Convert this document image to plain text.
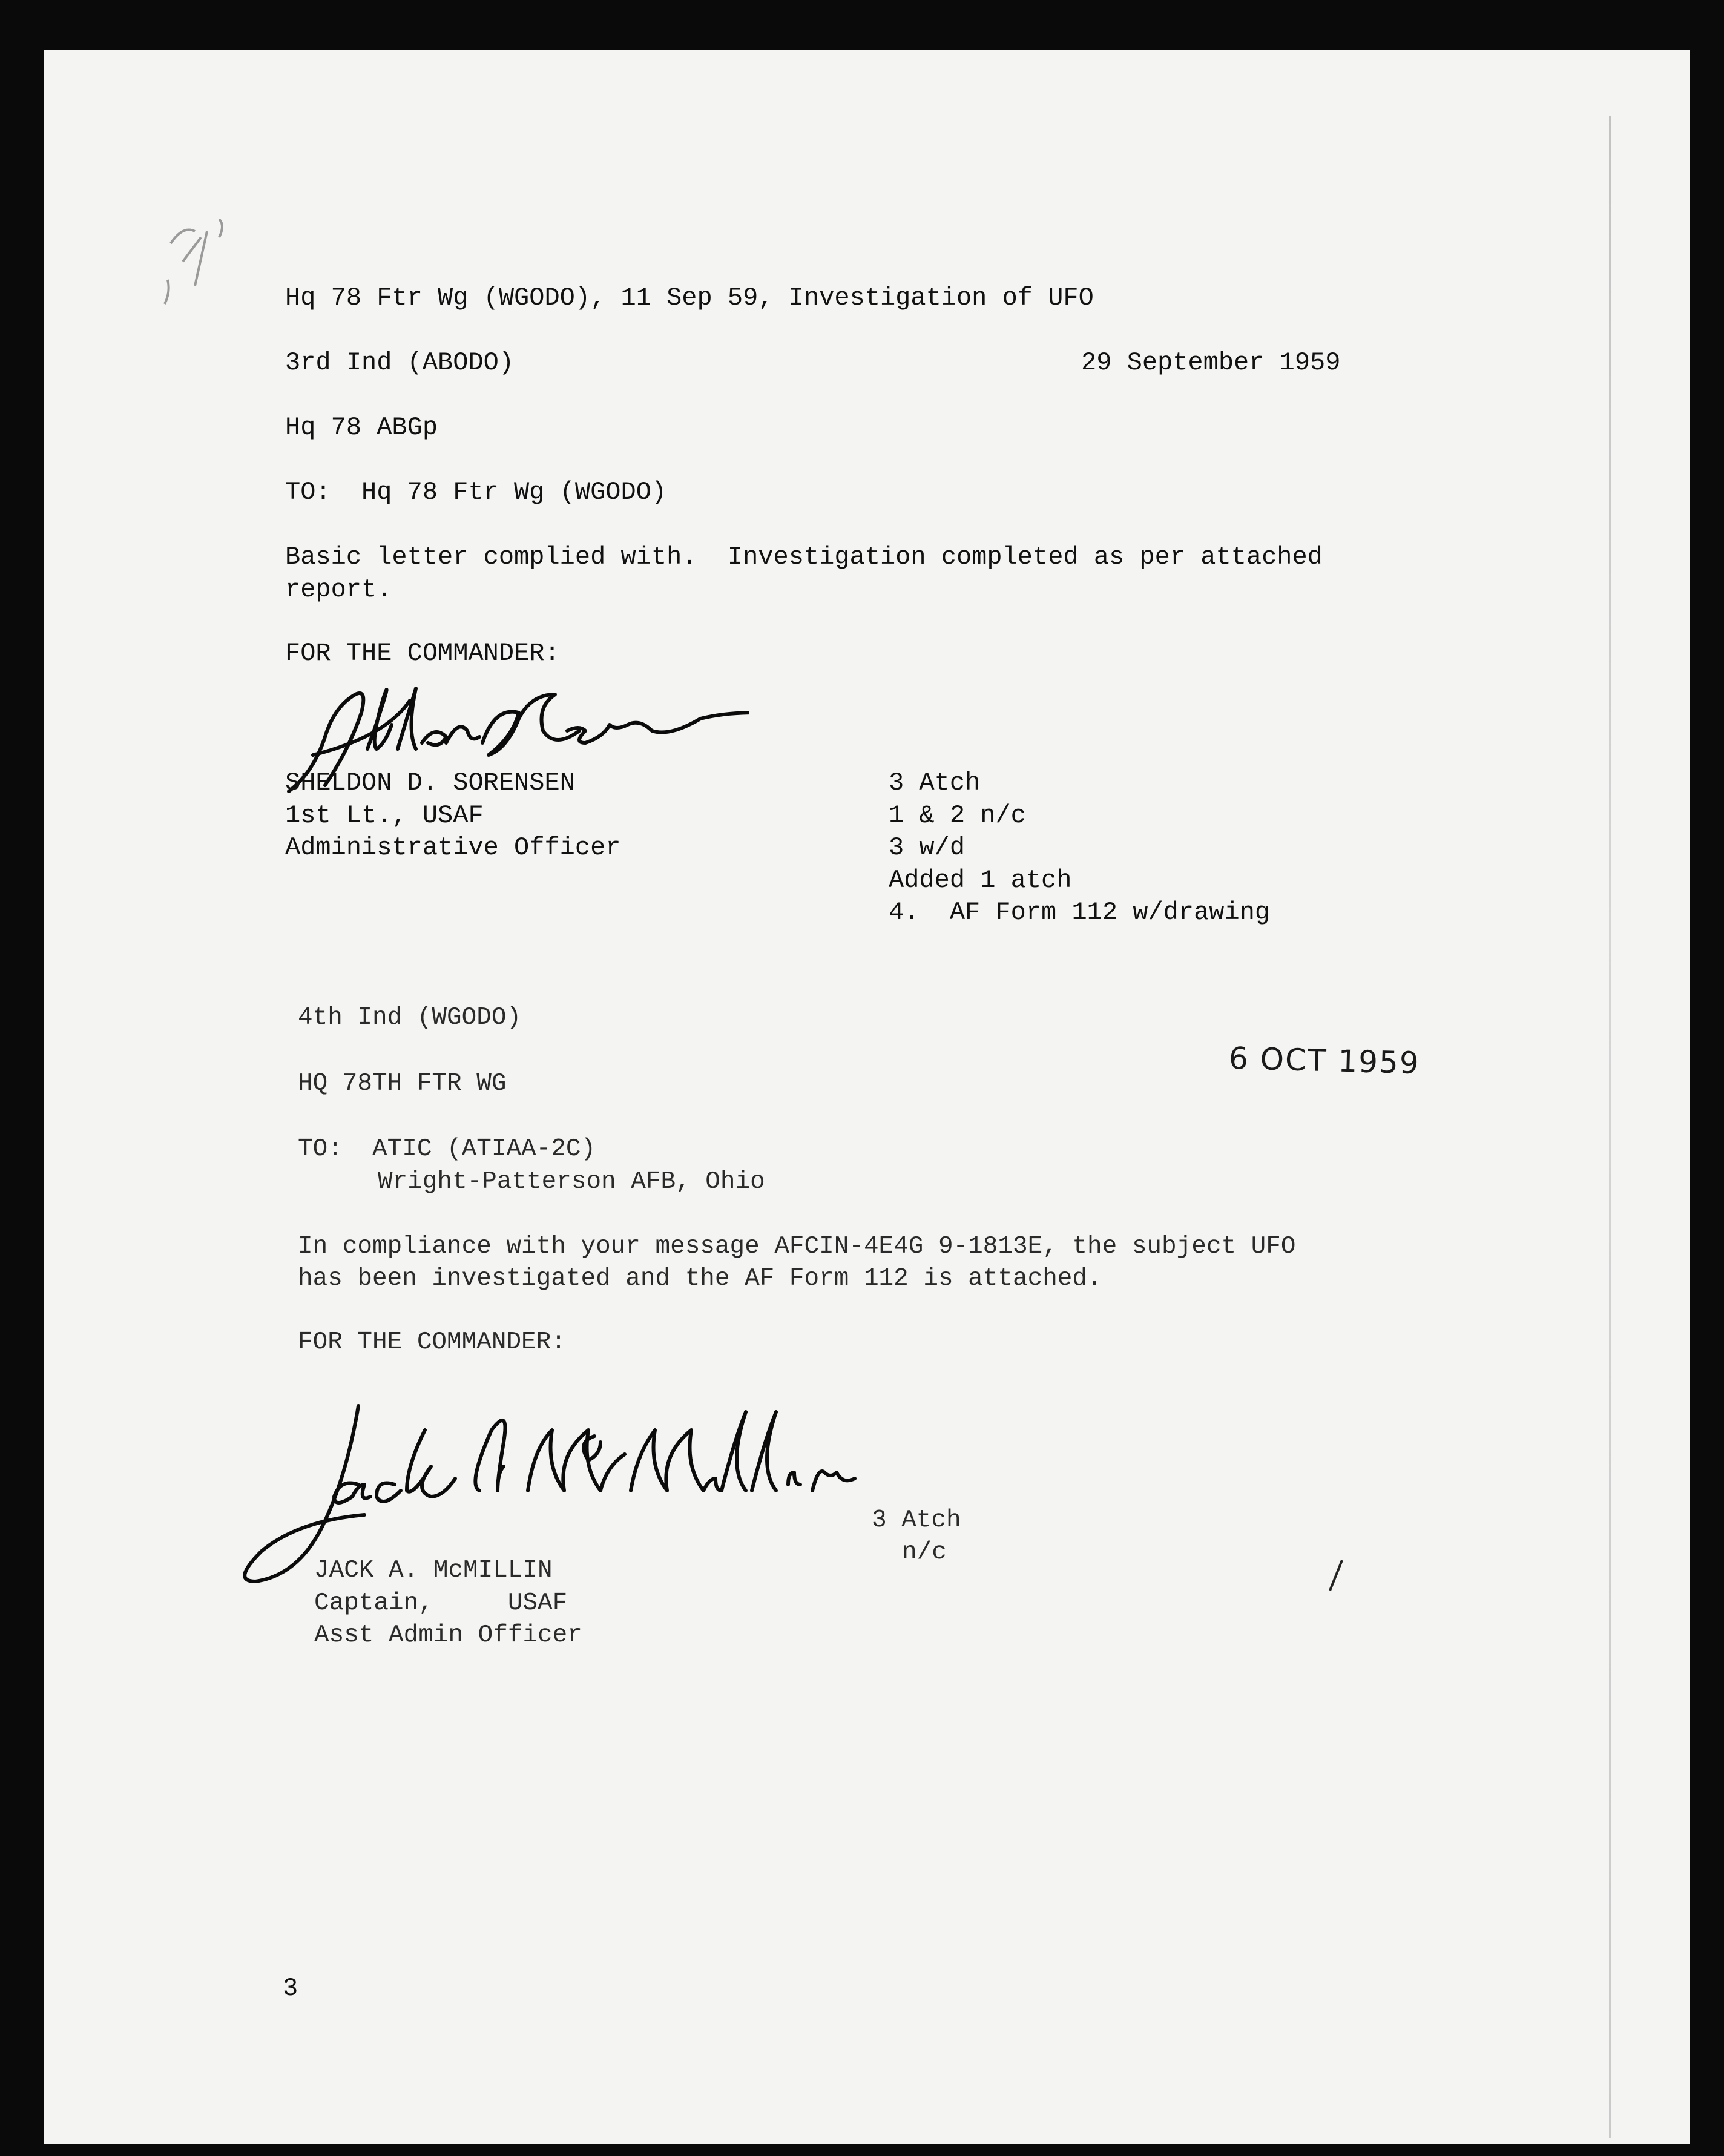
Hq 78 Ftr Wg (WGODO), 11 Sep 59, Investigation of UFO
3rd Ind (ABODO)	29 September 1959
Hq 78 ABGp
TO:  Hq 78 Ftr Wg (WGODO)
Basic letter complied with.  Investigation completed as per attached
report.
FOR THE COMMANDER:
SHELDON D. SORENSEN
1st Lt., USAF
Administrative Officer
3 Atch
1 & 2 n/c
3 w/d
Added 1 atch
4.  AF Form 112 w/drawing
4th Ind (WGODO)
HQ 78TH FTR WG
6 OCT 1959
TO:  ATIC (ATIAA-2C)
Wright-Patterson AFB, Ohio
In compliance with your message AFCIN-4E4G 9-1813E, the subject UFO
has been investigated and the AF Form 112 is attached.
FOR THE COMMANDER:
3 Atch
n/c
JACK A. McMILLIN
Captain,     USAF
Asst Admin Officer
3
